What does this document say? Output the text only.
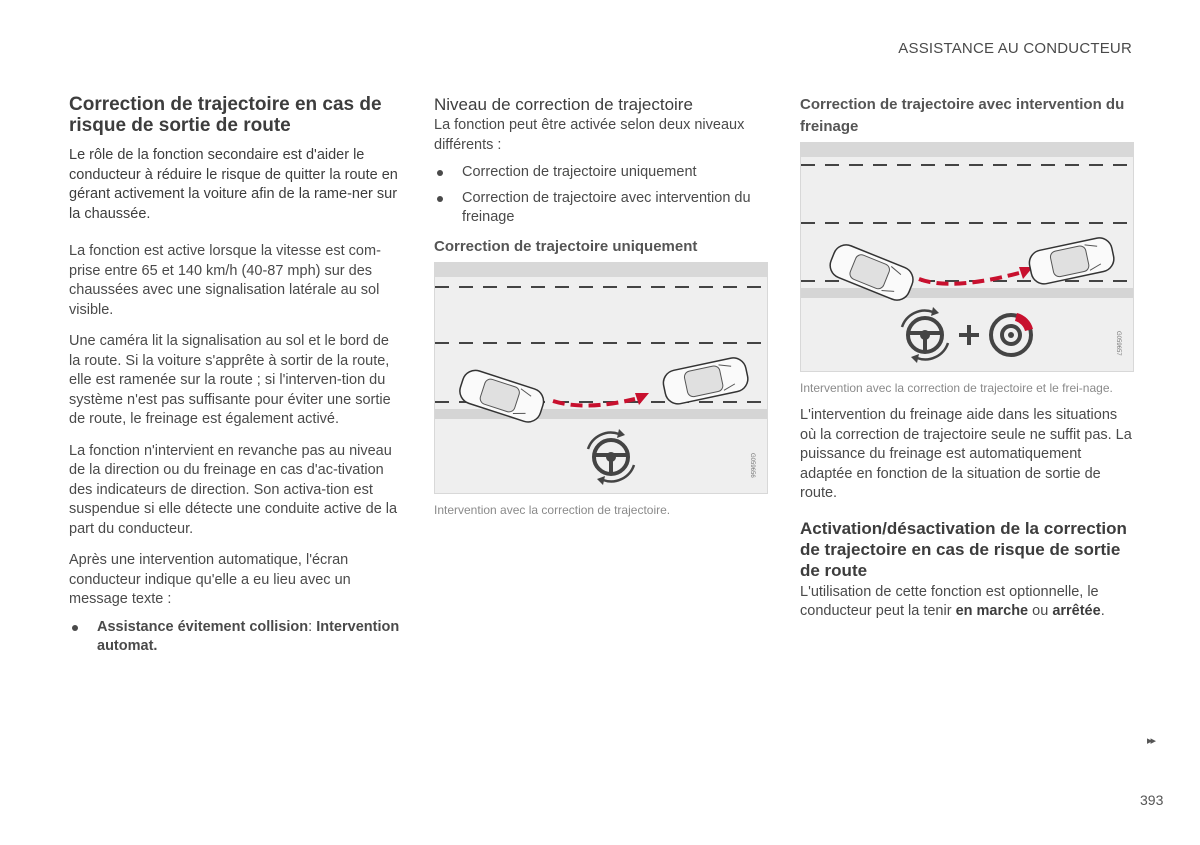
ASSISTANCE AU CONDUCTEUR
Correction de trajectoire en cas de risque de sortie de route

Le rôle de la fonction secondaire est d'aider le conducteur à réduire le risque de quitter la route en gérant activement la voiture afin de la rame-ner sur la chaussée.

La fonction est active lorsque la vitesse est com-prise entre 65 et 140 km/h (40-87 mph) sur des chaussées avec une signalisation latérale au sol visible.

Une caméra lit la signalisation au sol et le bord de la route. Si la voiture s'apprête à sortir de la route, elle est ramenée sur la route ; si l'interven-tion du système n'est pas suffisante pour éviter une sortie de route, le freinage est également activé.

La fonction n'intervient en revanche pas au niveau de la direction ou du freinage en cas d'ac-tivation des indicateurs de direction. Son activa-tion est suspendue si elle détecte une conduite active de la part du conducteur.

Après une intervention automatique, l'écran conducteur indique qu'elle a eu lieu avec un message texte :

Assistance évitement collision: Intervention automat.
Niveau de correction de trajectoire

La fonction peut être activée selon deux niveaux différents :

Correction de trajectoire uniquement
Correction de trajectoire avec intervention du freinage
Correction de trajectoire uniquement
G059656
Intervention avec la correction de trajectoire.
Correction de trajectoire avec intervention du freinage
G059657
Intervention avec la correction de trajectoire et le frei-nage.

L'intervention du freinage aide dans les situations où la correction de trajectoire seule ne suffit pas. La puissance du freinage est automatiquement adaptée en fonction de la situation de sortie de route.

Activation/désactivation de la correction de trajectoire en cas de risque de sortie de route

L'utilisation de cette fonction est optionnelle, le conducteur peut la tenir en marche ou arrêtée.

▸▸
393
